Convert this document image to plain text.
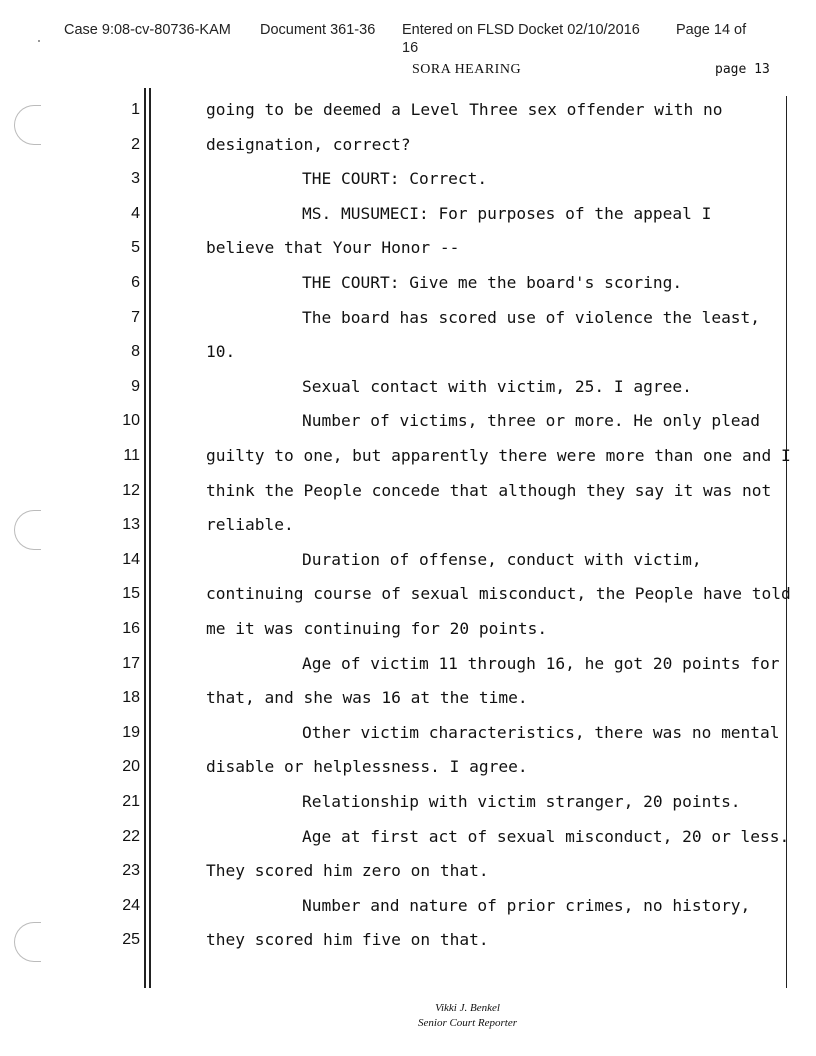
Case 9:08-cv-80736-KAM Document 361-36 Entered on FLSD Docket 02/10/2016 Page 14 of
16
SORA HEARING	page 13
1	going to be deemed a Level Three sex offender with no
2	designation, correct?
3	THE COURT: Correct.
4	MS. MUSUMECI: For purposes of the appeal I
5	believe that Your Honor --
6	THE COURT: Give me the board's scoring.
7	The board has scored use of violence the least,
8	10.
9	Sexual contact with victim, 25. I agree.
10	Number of victims, three or more. He only plead
11	guilty to one, but apparently there were more than one and I
12	think the People concede that although they say it was not
13	reliable.
14	Duration of offense, conduct with victim,
15	continuing course of sexual misconduct, the People have told
16	me it was continuing for 20 points.
17	Age of victim 11 through 16, he got 20 points for
18	that, and she was 16 at the time.
19	Other victim characteristics, there was no mental
20	disable or helplessness. I agree.
21	Relationship with victim stranger, 20 points.
22	Age at first act of sexual misconduct, 20 or less.
23	They scored him zero on that.
24	Number and nature of prior crimes, no history,
25	they scored him five on that.
Vikki J. Benkel
Senior Court Reporter
